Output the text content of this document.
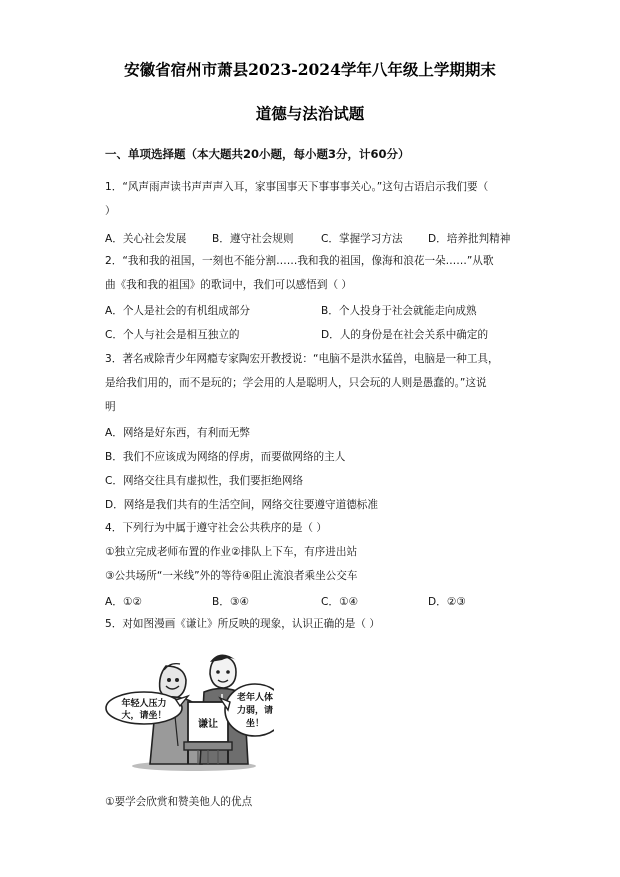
安徽省宿州市萧县2023-2024学年八年级上学期期末
道德与法治试题
一、单项选择题（本大题共20小题，每小题3分，计60分）
1．“风声雨声读书声声声入耳，家事国事天下事事事关心。”这句古语启示我们要（
）
A．关心社会发展 B．遵守社会规则	C．掌握学习方法 D．培养批判精神
2．“我和我的祖国，一刻也不能分割……我和我的祖国，像海和浪花一朵……”从歌
曲《我和我的祖国》的歌词中，我们可以感悟到（ ）
A．个人是社会的有机组成部分	B．个人投身于社会就能走向成熟
C．个人与社会是相互独立的	D．人的身份是在社会关系中确定的
3．著名戒除青少年网瘾专家陶宏开教授说：“电脑不是洪水猛兽，电脑是一种工具，
是给我们用的，而不是玩的；学会用的人是聪明人，只会玩的人则是愚蠢的。”这说
明
A．网络是好东西，有利而无弊
B．我们不应该成为网络的俘虏，而要做网络的主人
C．网络交往具有虚拟性，我们要拒绝网络
D．网络是我们共有的生活空间，网络交往要遵守道德标准
4．下列行为中属于遵守社会公共秩序的是（ ）
①独立完成老师布置的作业②排队上下车，有序进出站
③公共场所“一米线”外的等待④阻止流浪者乘坐公交车
A．①②	B．③④	C．①④	D．②③
5．对如图漫画《谦让》所反映的现象，认识正确的是（ ）
谦让
年轻人压力
大，请坐！
老年人体
力弱，请
坐！
①要学会欣赏和赞美他人的优点
